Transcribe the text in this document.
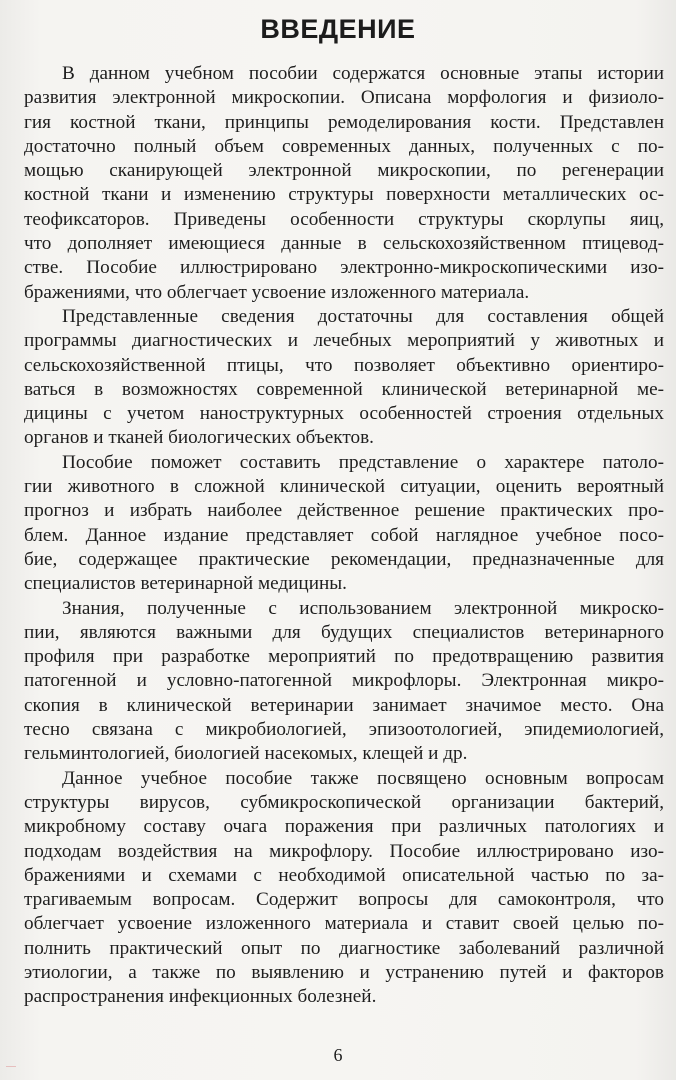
ВВЕДЕНИЕ

В данном учебном пособии содержатся основные этапы истории
развития электронной микроскопии. Описана морфология и физиоло-
гия костной ткани, принципы ремоделирования кости. Представлен
достаточно полный объем современных данных, полученных с по-
мощью сканирующей электронной микроскопии, по регенерации
костной ткани и изменению структуры поверхности металлических ос-
теофиксаторов. Приведены особенности структуры скорлупы яиц,
что дополняет имеющиеся данные в сельскохозяйственном птицевод-
стве. Пособие иллюстрировано электронно-микроскопическими изо-
бражениями, что облегчает усвоение изложенного материала.

Представленные сведения достаточны для составления общей
программы диагностических и лечебных мероприятий у животных и
сельскохозяйственной птицы, что позволяет объективно ориентиро-
ваться в возможностях современной клинической ветеринарной ме-
дицины с учетом наноструктурных особенностей строения отдельных
органов и тканей биологических объектов.

Пособие поможет составить представление о характере патоло-
гии животного в сложной клинической ситуации, оценить вероятный
прогноз и избрать наиболее действенное решение практических про-
блем. Данное издание представляет собой наглядное учебное посо-
бие, содержащее практические рекомендации, предназначенные для
специалистов ветеринарной медицины.

Знания, полученные с использованием электронной микроско-
пии, являются важными для будущих специалистов ветеринарного
профиля при разработке мероприятий по предотвращению развития
патогенной и условно-патогенной микрофлоры. Электронная микро-
скопия в клинической ветеринарии занимает значимое место. Она
тесно связана с микробиологией, эпизоотологией, эпидемиологией,
гельминтологией, биологией насекомых, клещей и др.

Данное учебное пособие также посвящено основным вопросам
структуры вирусов, субмикроскопической организации бактерий,
микробному составу очага поражения при различных патологиях и
подходам воздействия на микрофлору. Пособие иллюстрировано изо-
бражениями и схемами с необходимой описательной частью по за-
трагиваемым вопросам. Содержит вопросы для самоконтроля, что
облегчает усвоение изложенного материала и ставит своей целью по-
полнить практический опыт по диагностике заболеваний различной
этиологии, а также по выявлению и устранению путей и факторов
распространения инфекционных болезней.

6
